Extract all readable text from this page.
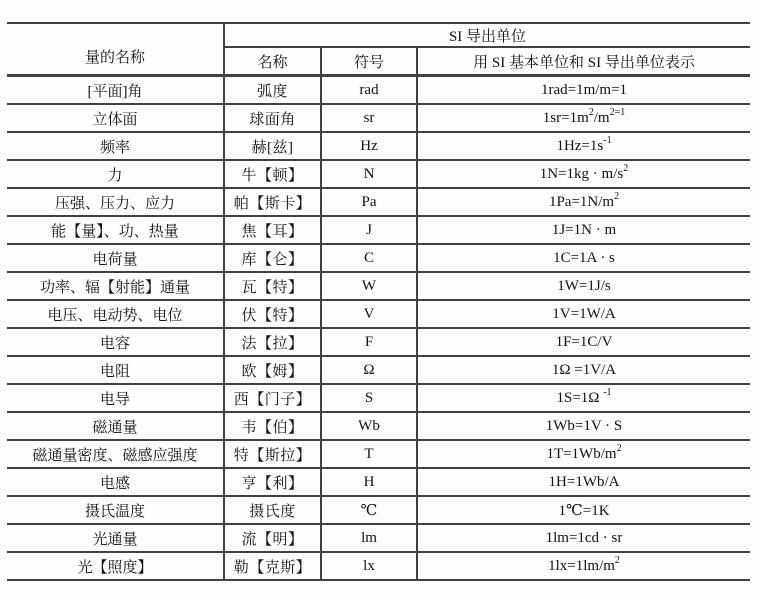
量的名称	SI 导出单位		
	名称	符号	用 SI 基本单位和 SI 导出单位表示
[平面]角	弧度	rad	1rad=1m/m=1
立体面	球面角	sr	$1sr=1m^2/m^{2=1}$
频率	赫[兹]	Hz	$1Hz=1s^{-1}$
力	牛【顿】	N	$1N=1kg \cdot m/s^2$
压强、压力、应力	帕【斯卡】	Pa	$1Pa=1N/m^2$
能【量】、功、热量	焦【耳】	J	1J=1N · m
电荷量	库【仑】	C	1C=1A · s
功率、辐【射能】通量	瓦【特】	W	1W=1J/s
电压、电动势、电位	伏【特】	V	1V=1W/A
电容	法【拉】	F	1F=1C/V
电阻	欧【姆】	Ω	1Ω =1V/A
电导	西【门子】	S	1S=1Ω $^{-1}$
磁通量	韦【伯】	Wb	1Wb=1V · S
磁通量密度、磁感应强度	特【斯拉】	T	$1T=1Wb/m^2$
电感	亨【利】	H	1H=1Wb/A
摄氏温度	摄氏度	℃	1℃=1K
光通量	流【明】	lm	1lm=1cd · sr
光【照度】	勒【克斯】	lx	$1lx=1lm/m^2$
